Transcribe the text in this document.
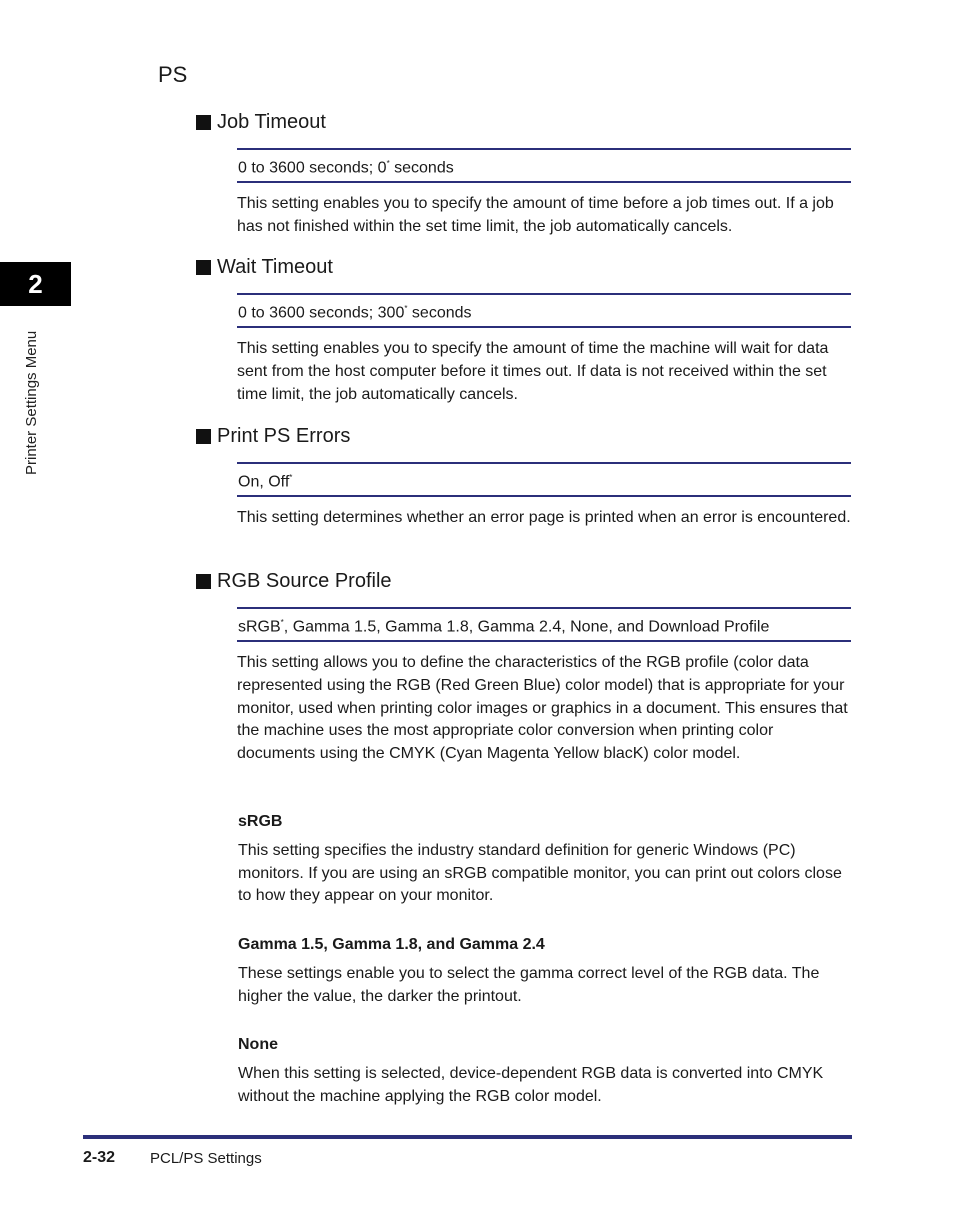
2
Printer Settings Menu
PS
Job Timeout
0 to 3600 seconds; 0* seconds
This setting enables you to specify the amount of time before a job times out. If a job has not finished within the set time limit, the job automatically cancels.
Wait Timeout
0 to 3600 seconds; 300* seconds
This setting enables you to specify the amount of time the machine will wait for data sent from the host computer before it times out. If data is not received within the set time limit, the job automatically cancels.
Print PS Errors
On, Off*
This setting determines whether an error page is printed when an error is encountered.
RGB Source Profile
sRGB*, Gamma 1.5, Gamma 1.8, Gamma 2.4, None, and Download Profile
This setting allows you to define the characteristics of the RGB profile (color data represented using the RGB (Red Green Blue) color model) that is appropriate for your monitor, used when printing color images or graphics in a document. This ensures that the machine uses the most appropriate color conversion when printing color documents using the CMYK (Cyan Magenta Yellow blacK) color model.
sRGB
This setting specifies the industry standard definition for generic Windows (PC) monitors. If you are using an sRGB compatible monitor, you can print out colors close to how they appear on your monitor.
Gamma 1.5, Gamma 1.8, and Gamma 2.4
These settings enable you to select the gamma correct level of the RGB data. The higher the value, the darker the printout.
None
When this setting is selected, device-dependent RGB data is converted into CMYK without the machine applying the RGB color model.
2-32 PCL/PS Settings
